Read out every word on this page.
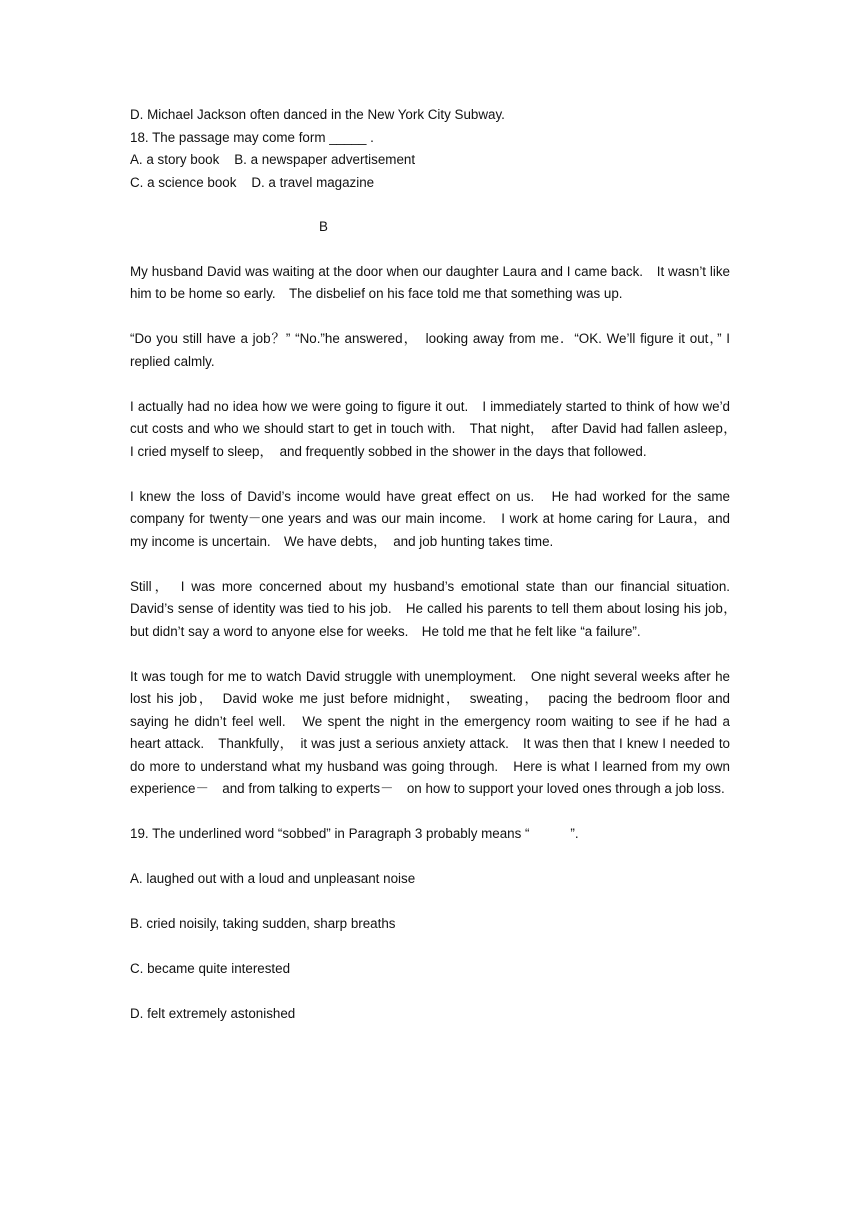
D. Michael Jackson often danced in the New York City Subway.
18. The passage may come form _____ .
A. a story book    B. a newspaper advertisement
C. a science book    D. a travel magazine
B
My husband David was waiting at the door when our daughter Laura and I came back.　It wasn’t like him to be home so early.　The disbelief on his face told me that something was up.
“Do you still have a job？” “No.”he answered，　looking away from me．“OK. We’ll figure it out，” I replied calmly.
I actually had no idea how we were going to figure it out.　I immediately started to think of how we’d cut costs and who we should start to get in touch with.　That night，　after David had fallen asleep，　I cried myself to sleep，　and frequently sobbed in the shower in the days that followed.
I knew the loss of David’s income would have great effect on us.　He had worked for the same company for twenty－one years and was our main income.　I work at home caring for Laura，and my income is uncertain.　We have debts，　and job hunting takes time.
Still，　I was more concerned about my husband’s emotional state than our financial situation.　David’s sense of identity was tied to his job.　He called his parents to tell them about losing his job，　but didn’t say a word to anyone else for weeks.　He told me that he felt like “a failure”.
It was tough for me to watch David struggle with unemployment.　One night several weeks after he lost his job，　David woke me just before midnight，　sweating，　pacing the bedroom floor and saying he didn’t feel well.　We spent the night in the emergency room waiting to see if he had a heart attack.　Thankfully，　it was just a serious anxiety attack.　It was then that I knew I needed to do more to understand what my husband was going through.　Here is what I learned from my own experience－　and from talking to experts－　on how to support your loved ones through a job loss.
19. The underlined word “sobbed” in Paragraph 3 probably means “           ”.
A. laughed out with a loud and unpleasant noise
B. cried noisily, taking sudden, sharp breaths
C. became quite interested
D. felt extremely astonished
